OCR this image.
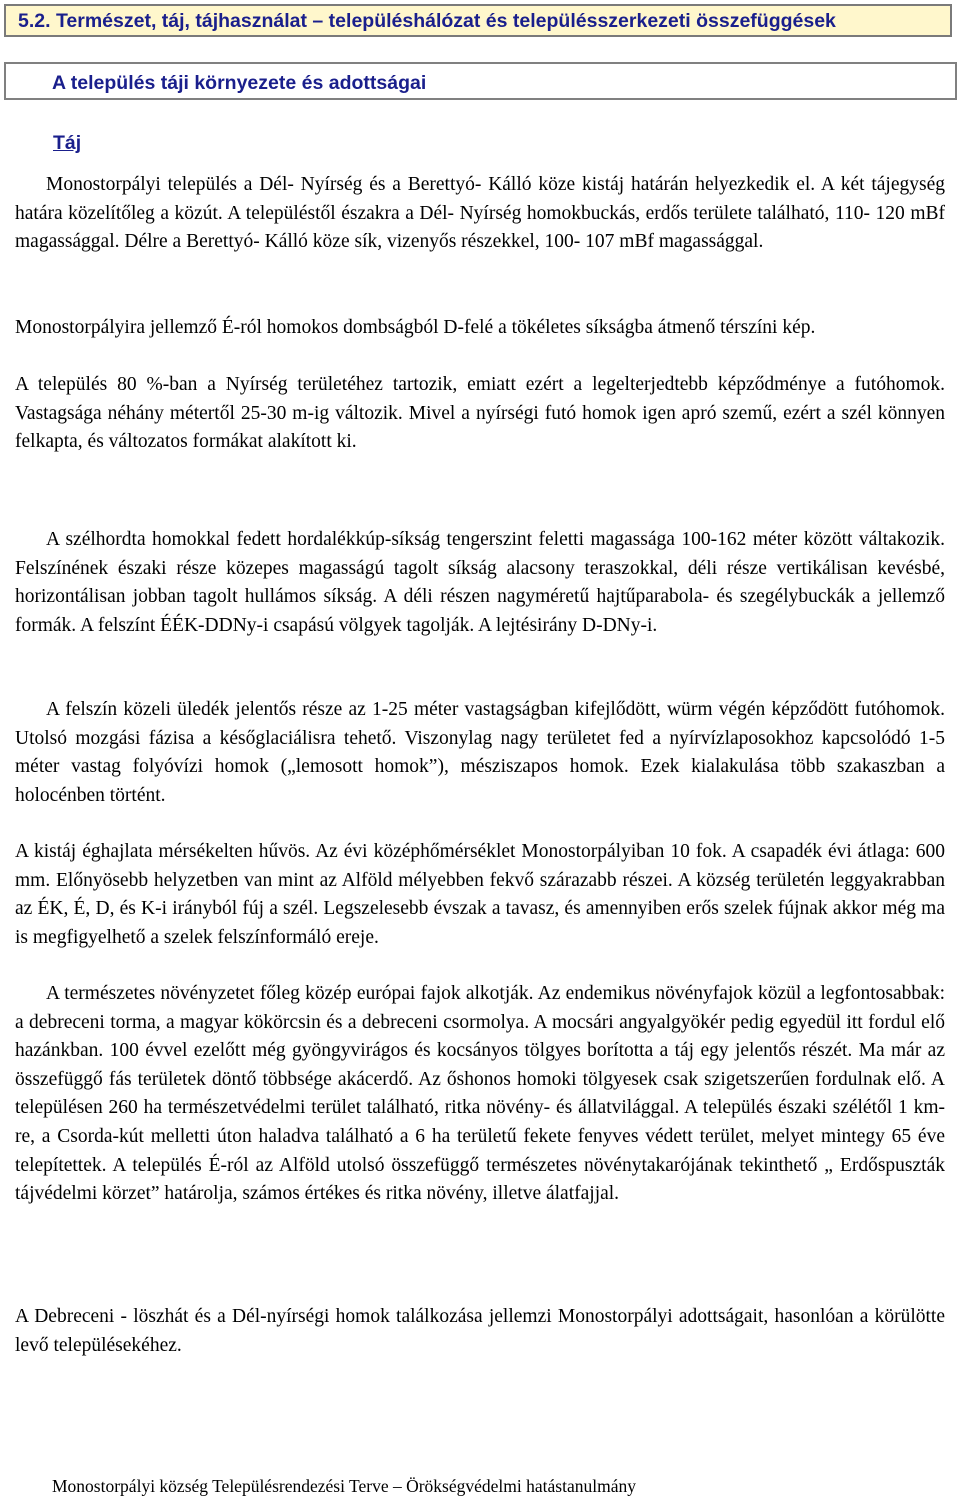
5.2. Természet, táj, tájhasználat – településhálózat és településszerkezeti összefüggések
A település táji környezete és adottságai
Táj
Monostorpályi település a Dél- Nyírség és a Berettyó- Kálló köze kistáj határán helyezkedik el. A két tájegység határa közelítőleg a közút. A településtől északra a Dél- Nyírség homokbuckás, erdős területe található, 110- 120 mBf magassággal. Délre a Berettyó- Kálló köze sík, vizenyős részekkel, 100- 107 mBf magassággal.
Monostorpályira jellemző É-ról homokos dombságból D-felé a tökéletes síkságba átmenő térszíni kép.
A település 80 %-ban a Nyírség területéhez tartozik, emiatt ezért a legelterjedtebb képződménye a futóhomok. Vastagsága néhány métertől 25-30 m-ig változik. Mivel a nyírségi futó homok igen apró szemű, ezért a szél könnyen felkapta, és változatos formákat alakított ki.
A szélhordta homokkal fedett hordalékkúp-síkság tengerszint feletti magassága 100-162 méter között váltakozik. Felszínének északi része közepes magasságú tagolt síkság alacsony teraszokkal, déli része vertikálisan kevésbé, horizontálisan jobban tagolt hullámos síkság. A déli részen nagyméretű hajtűparabola- és szegélybuckák a jellemző formák. A felszínt ÉÉK-DDNy-i csapású völgyek tagolják. A lejtésirány D-DNy-i.
A felszín közeli üledék jelentős része az 1-25 méter vastagságban kifejlődött, würm végén képződött futóhomok. Utolsó mozgási fázisa a későglaciálisra tehető. Viszonylag nagy területet fed a nyírvízlaposokhoz kapcsolódó 1-5 méter vastag folyóvízi homok („lemosott homok”), mésziszapos homok. Ezek kialakulása több szakaszban a holocénben történt.
A kistáj éghajlata mérsékelten hűvös. Az évi középhőmérséklet Monostorpályiban 10 fok. A csapadék évi átlaga: 600 mm. Előnyösebb helyzetben van mint az Alföld mélyebben fekvő szárazabb részei. A község területén leggyakrabban az ÉK, É, D, és K-i irányból fúj a szél. Legszelesebb évszak a tavasz, és amennyiben erős szelek fújnak akkor még ma is megfigyelhető a szelek felszínformáló ereje.
A természetes növényzetet főleg közép európai fajok alkotják. Az endemikus növényfajok közül a legfontosabbak: a debreceni torma, a magyar kökörcsin és a debreceni csormolya. A mocsári angyalgyökér pedig egyedül itt fordul elő hazánkban. 100 évvel ezelőtt még gyöngyvirágos és kocsányos tölgyes borította a táj egy jelentős részét. Ma már az összefüggő fás területek döntő többsége akácerdő. Az őshonos homoki tölgyesek csak szigetszerűen fordulnak elő. A településen 260 ha természetvédelmi terület található, ritka növény- és állatvilággal. A település északi szélétől 1 km-re, a Csorda-kút melletti úton haladva található a 6 ha területű fekete fenyves védett terület, melyet mintegy 65 éve telepítettek. A település É-ról az Alföld utolsó összefüggő természetes növénytakarójának tekinthető „ Erdőspuszták tájvédelmi körzet” határolja, számos értékes és ritka növény, illetve álatfajjal.
A Debreceni - löszhát és a Dél-nyírségi homok találkozása jellemzi Monostorpályi adottságait, hasonlóan a körülötte levő településekéhez.
Monostorpályi község Településrendezési Terve – Örökségvédelmi hatástanulmány
